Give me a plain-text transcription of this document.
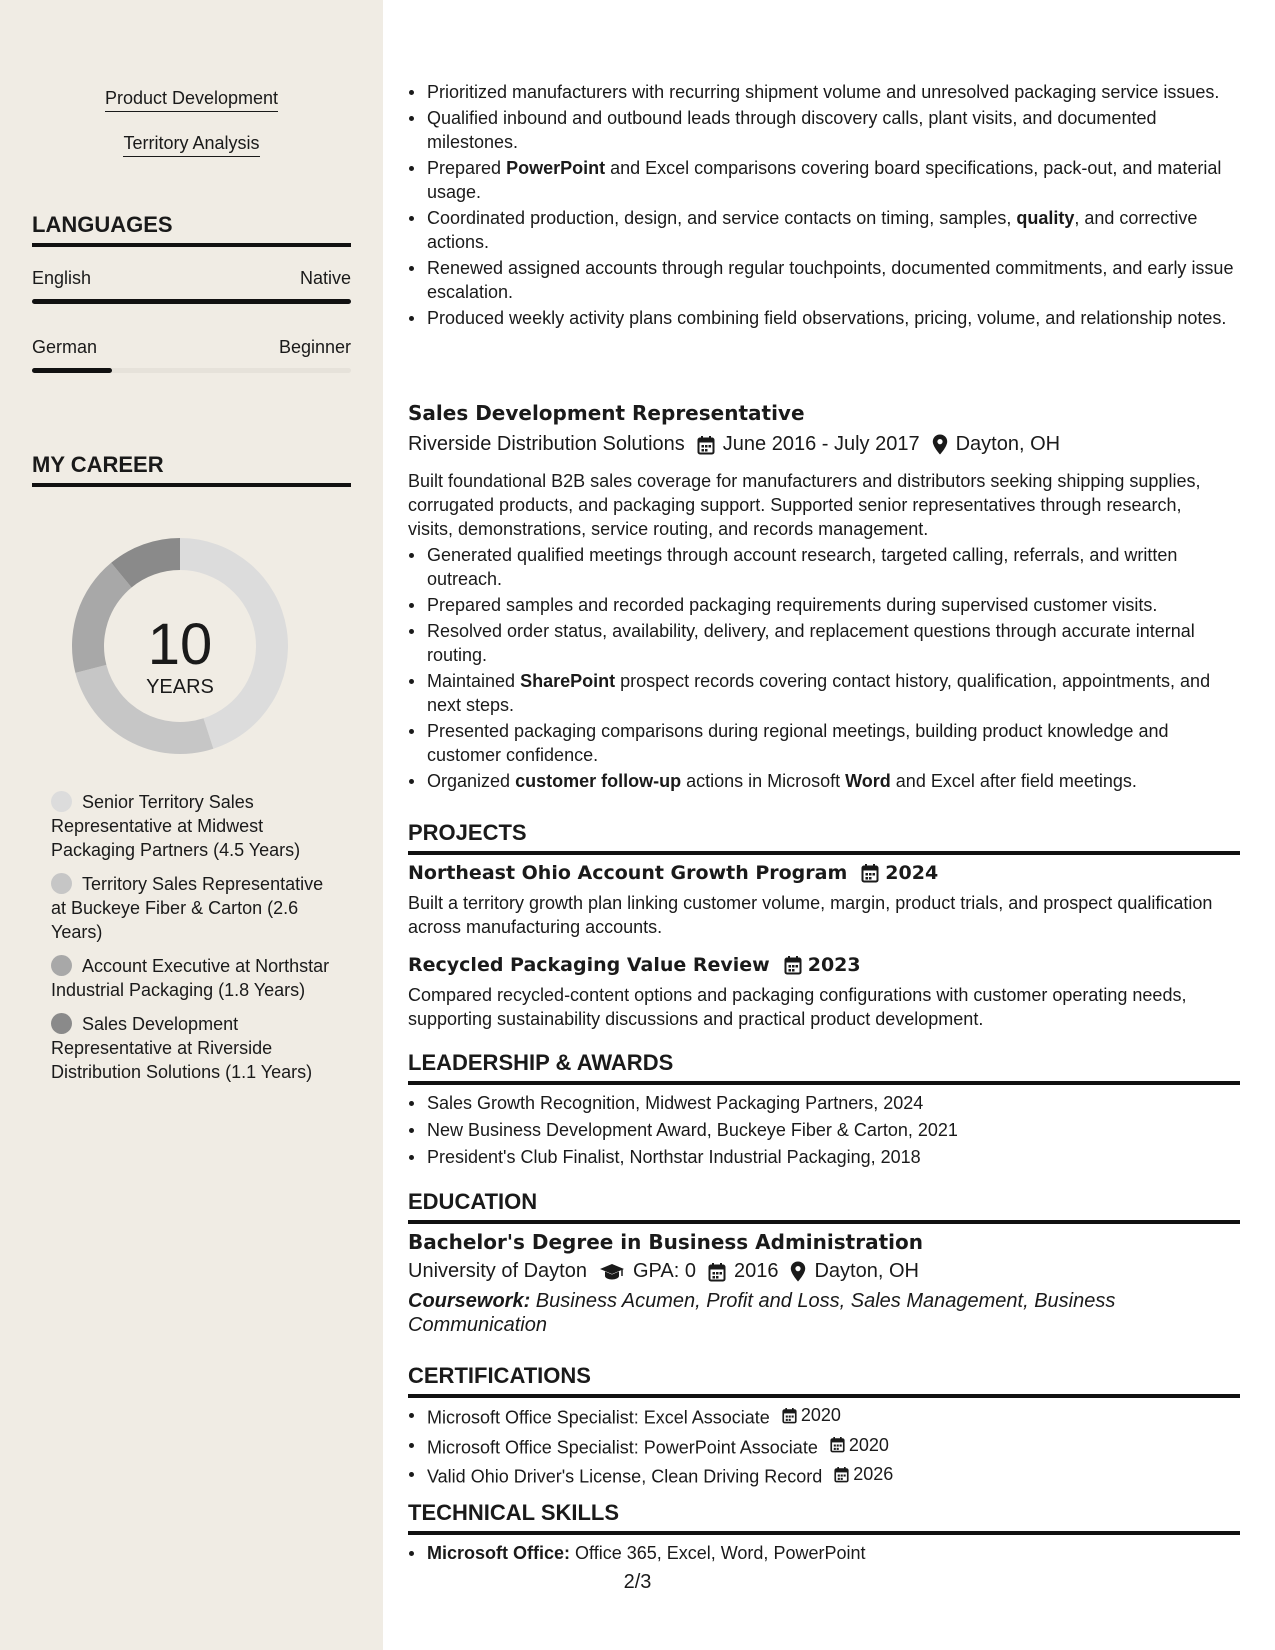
Product Development
Territory Analysis
LANGUAGES
English	Native
German	Beginner
MY CAREER
10
YEARS
Senior Territory Sales Representative at Midwest Packaging Partners (4.5 Years)
Territory Sales Representative at Buckeye Fiber & Carton (2.6 Years)
Account Executive at Northstar Industrial Packaging (1.8 Years)
Sales Development Representative at Riverside Distribution Solutions (1.1 Years)
Prioritized manufacturers with recurring shipment volume and unresolved packaging service issues.
Qualified inbound and outbound leads through discovery calls, plant visits, and documented milestones.
Prepared PowerPoint and Excel comparisons covering board specifications, pack-out, and material usage.
Coordinated production, design, and service contacts on timing, samples, quality, and corrective actions.
Renewed assigned accounts through regular touchpoints, documented commitments, and early issue escalation.
Produced weekly activity plans combining field observations, pricing, volume, and relationship notes.
Sales Development Representative
Riverside Distribution Solutions June 2016 - July 2017 Dayton, OH
Built foundational B2B sales coverage for manufacturers and distributors seeking shipping supplies, corrugated products, and packaging support. Supported senior representatives through research, visits, demonstrations, service routing, and records management.
Generated qualified meetings through account research, targeted calling, referrals, and written outreach.
Prepared samples and recorded packaging requirements during supervised customer visits.
Resolved order status, availability, delivery, and replacement questions through accurate internal routing.
Maintained SharePoint prospect records covering contact history, qualification, appointments, and next steps.
Presented packaging comparisons during regional meetings, building product knowledge and customer confidence.
Organized customer follow-up actions in Microsoft Word and Excel after field meetings.
PROJECTS
Northeast Ohio Account Growth Program 2024
Built a territory growth plan linking customer volume, margin, product trials, and prospect qualification across manufacturing accounts.
Recycled Packaging Value Review 2023
Compared recycled-content options and packaging configurations with customer operating needs, supporting sustainability discussions and practical product development.
LEADERSHIP & AWARDS
Sales Growth Recognition, Midwest Packaging Partners, 2024
New Business Development Award, Buckeye Fiber & Carton, 2021
President's Club Finalist, Northstar Industrial Packaging, 2018
EDUCATION
Bachelor's Degree in Business Administration
University of Dayton GPA: 0 2016 Dayton, OH
Coursework: Business Acumen, Profit and Loss, Sales Management, Business Communication
CERTIFICATIONS
Microsoft Office Specialist: Excel Associate 2020
Microsoft Office Specialist: PowerPoint Associate 2020
Valid Ohio Driver's License, Clean Driving Record 2026
TECHNICAL SKILLS
Microsoft Office: Office 365, Excel, Word, PowerPoint
2/3
